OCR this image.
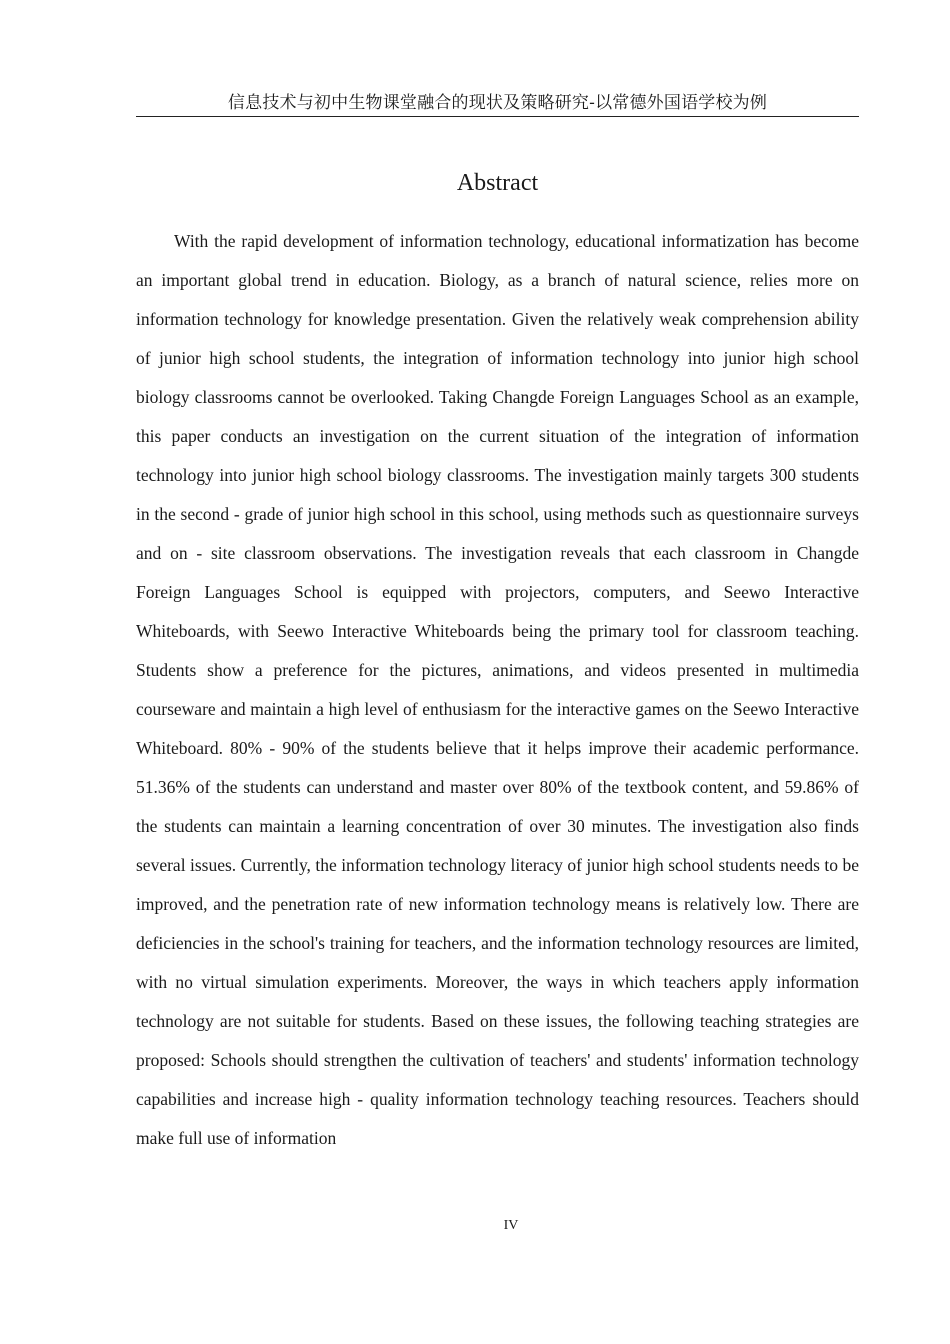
信息技术与初中生物课堂融合的现状及策略研究-以常德外国语学校为例
Abstract

With the rapid development of information technology, educational informatization has become an important global trend in education. Biology, as a branch of natural science, relies more on information technology for knowledge presentation. Given the relatively weak comprehension ability of junior high school students, the integration of information technology into junior high school biology classrooms cannot be overlooked. Taking Changde Foreign Languages School as an example, this paper conducts an investigation on the current situation of the integration of information technology into junior high school biology classrooms. The investigation mainly targets 300 students in the second - grade of junior high school in this school, using methods such as questionnaire surveys and on - site classroom observations. The investigation reveals that each classroom in Changde Foreign Languages School is equipped with projectors, computers, and Seewo Interactive Whiteboards, with Seewo Interactive Whiteboards being the primary tool for classroom teaching. Students show a preference for the pictures, animations, and videos presented in multimedia courseware and maintain a high level of enthusiasm for the interactive games on the Seewo Interactive Whiteboard. 80% - 90% of the students believe that it helps improve their academic performance. 51.36% of the students can understand and master over 80% of the textbook content, and 59.86% of the students can maintain a learning concentration of over 30 minutes. The investigation also finds several issues. Currently, the information technology literacy of junior high school students needs to be improved, and the penetration rate of new information technology means is relatively low. There are deficiencies in the school's training for teachers, and the information technology resources are limited, with no virtual simulation experiments. Moreover, the ways in which teachers apply information technology are not suitable for students. Based on these issues, the following teaching strategies are proposed: Schools should strengthen the cultivation of teachers' and students' information technology capabilities and increase high - quality information technology teaching resources. Teachers should make full use of information

IV
